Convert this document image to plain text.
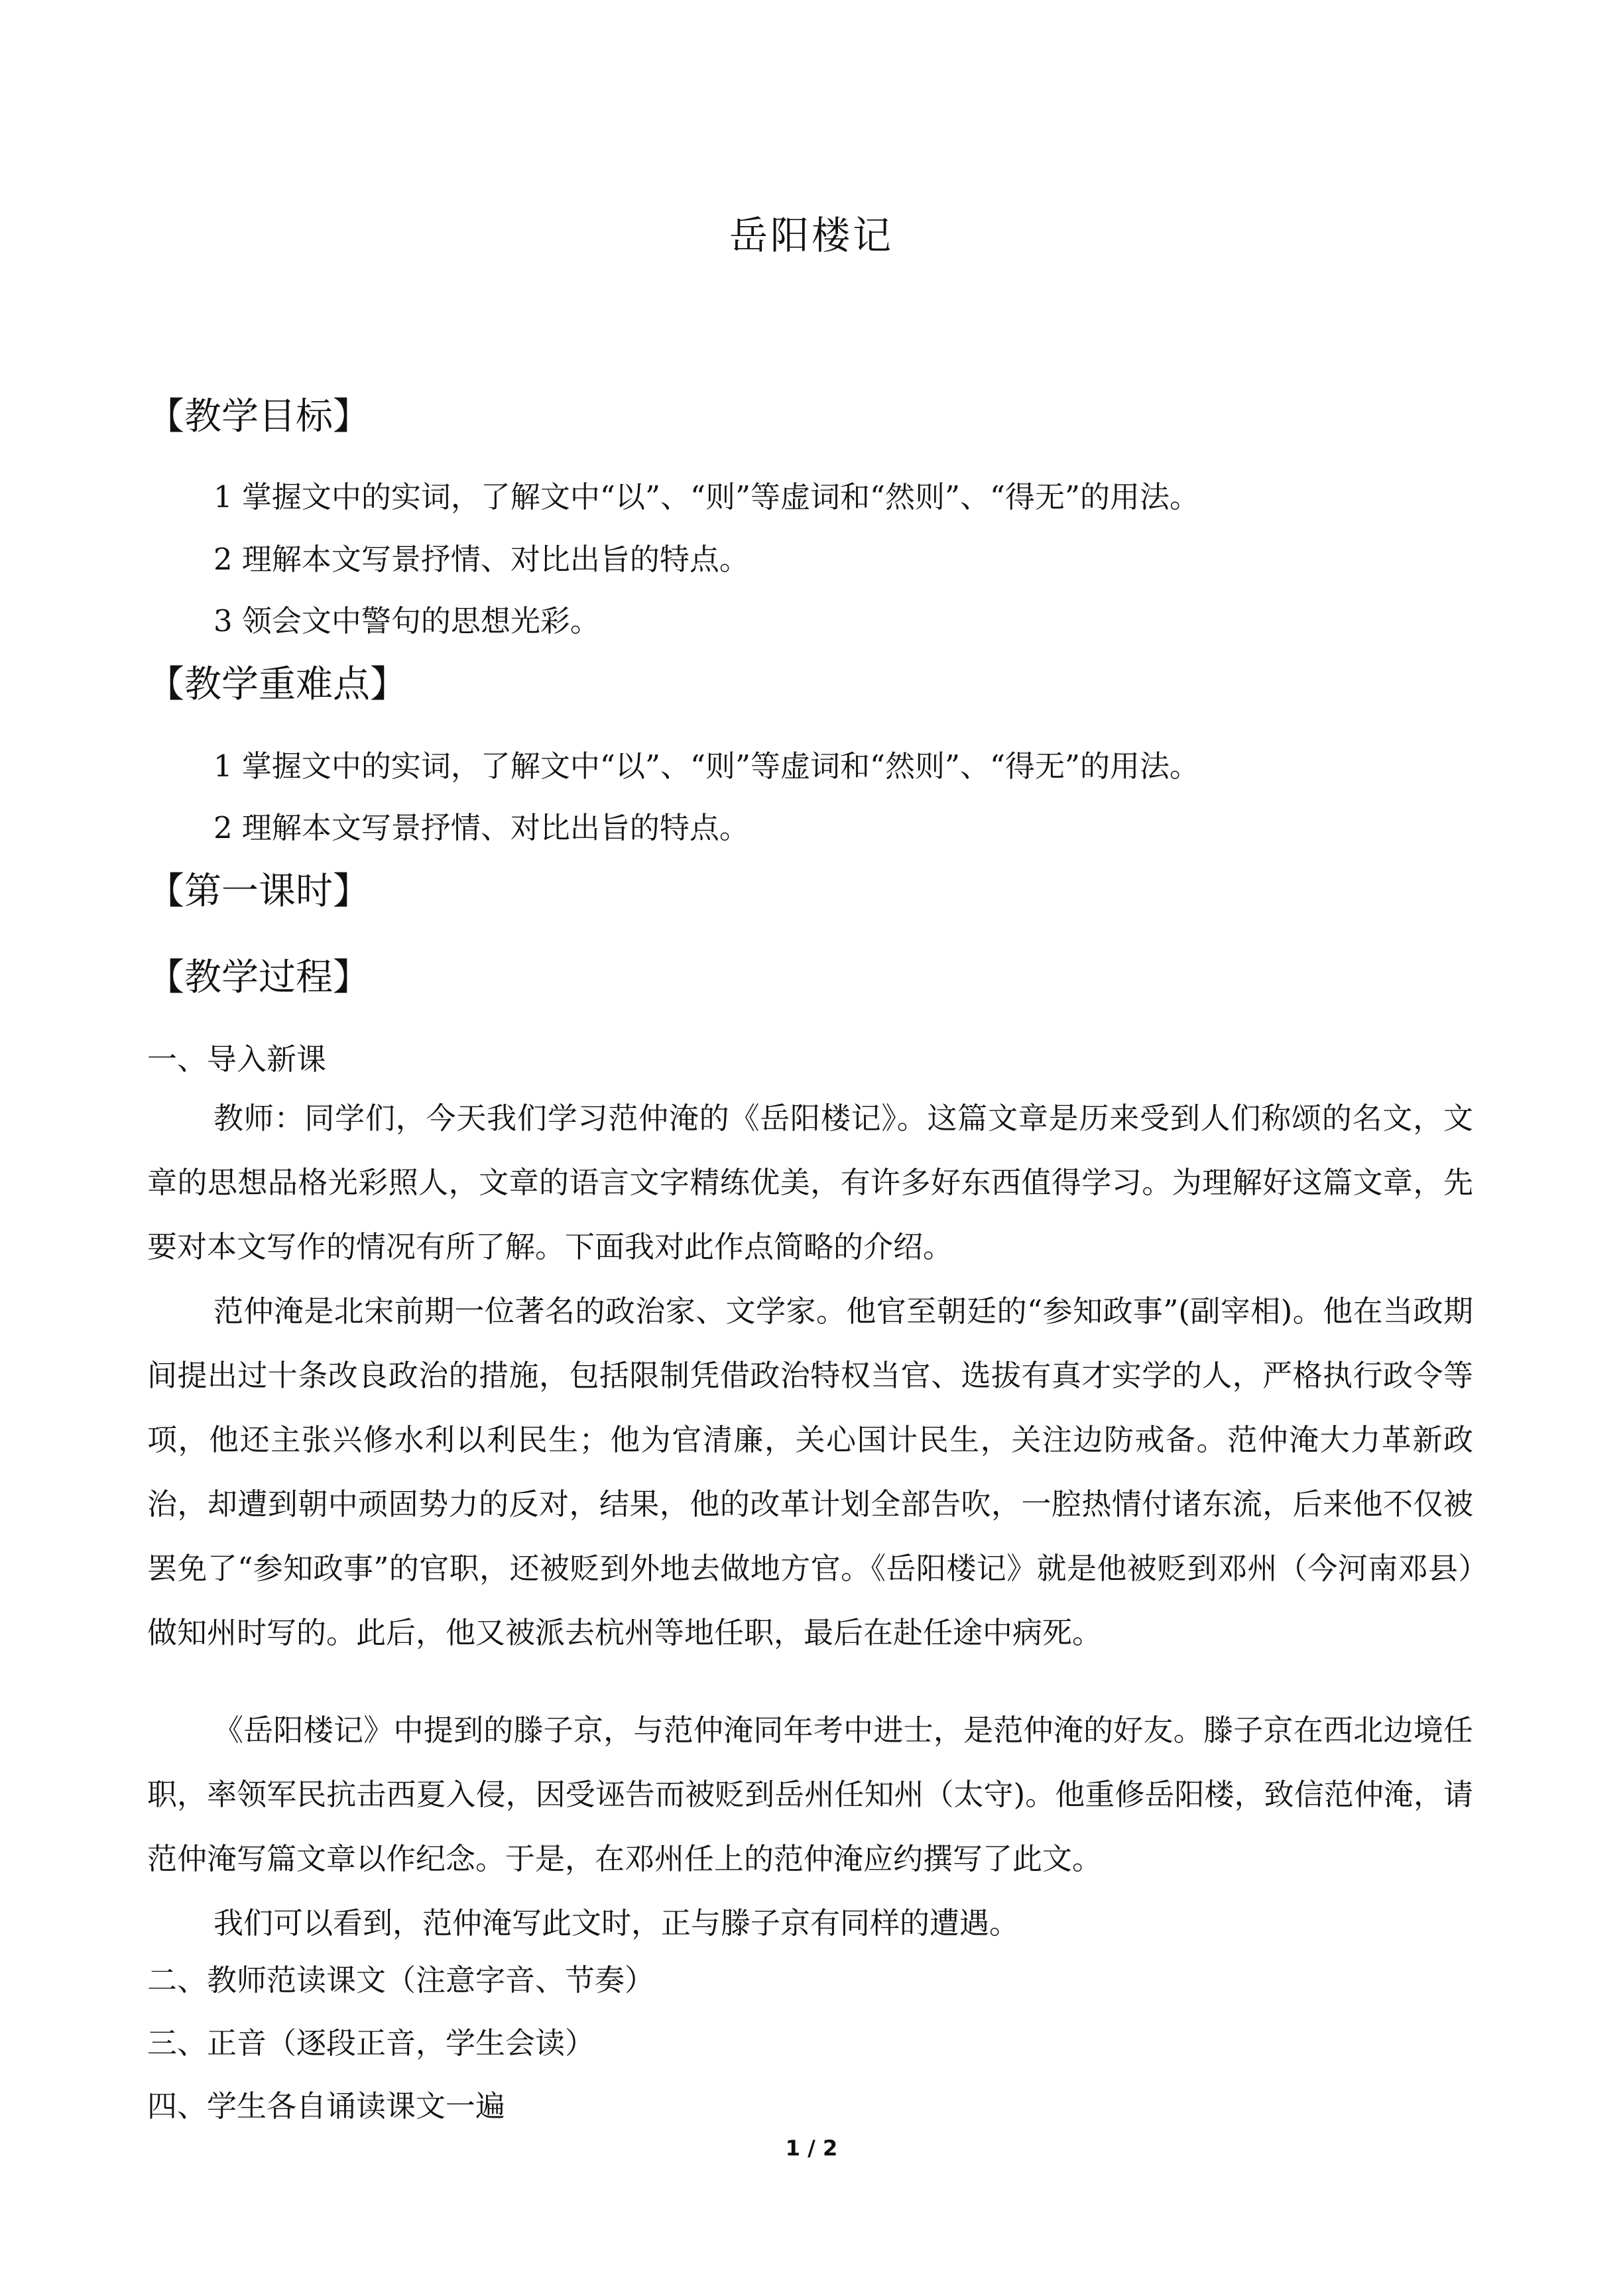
岳阳楼记
【教学目标】
1 掌握文中的实词，了解文中“以”、“则”等虚词和“然则”、“得无”的用法。
2 理解本文写景抒情、对比出旨的特点。
3 领会文中警句的思想光彩。
【教学重难点】
1 掌握文中的实词，了解文中“以”、“则”等虚词和“然则”、“得无”的用法。
2 理解本文写景抒情、对比出旨的特点。
【第一课时】
【教学过程】
一、导入新课
教师：同学们，今天我们学习范仲淹的《岳阳楼记》。这篇文章是历来受到人们称颂的名文，文章的思想品格光彩照人，文章的语言文字精练优美，有许多好东西值得学习。为理解好这篇文章，先要对本文写作的情况有所了解。下面我对此作点简略的介绍。
范仲淹是北宋前期一位著名的政治家、文学家。他官至朝廷的“参知政事”(副宰相)。他在当政期间提出过十条改良政治的措施，包括限制凭借政治特权当官、选拔有真才实学的人，严格执行政令等项，他还主张兴修水利以利民生；他为官清廉，关心国计民生，关注边防戒备。范仲淹大力革新政治，却遭到朝中顽固势力的反对，结果，他的改革计划全部告吹，一腔热情付诸东流，后来他不仅被罢免了“参知政事”的官职，还被贬到外地去做地方官。《岳阳楼记》就是他被贬到邓州（今河南邓县）做知州时写的。此后，他又被派去杭州等地任职，最后在赴任途中病死。
《岳阳楼记》中提到的滕子京，与范仲淹同年考中进士，是范仲淹的好友。滕子京在西北边境任职，率领军民抗击西夏入侵，因受诬告而被贬到岳州任知州（太守)。他重修岳阳楼，致信范仲淹，请范仲淹写篇文章以作纪念。于是，在邓州任上的范仲淹应约撰写了此文。
我们可以看到，范仲淹写此文时，正与滕子京有同样的遭遇。
二、教师范读课文（注意字音、节奏）
三、正音（逐段正音，学生会读）
四、学生各自诵读课文一遍
1 / 2
